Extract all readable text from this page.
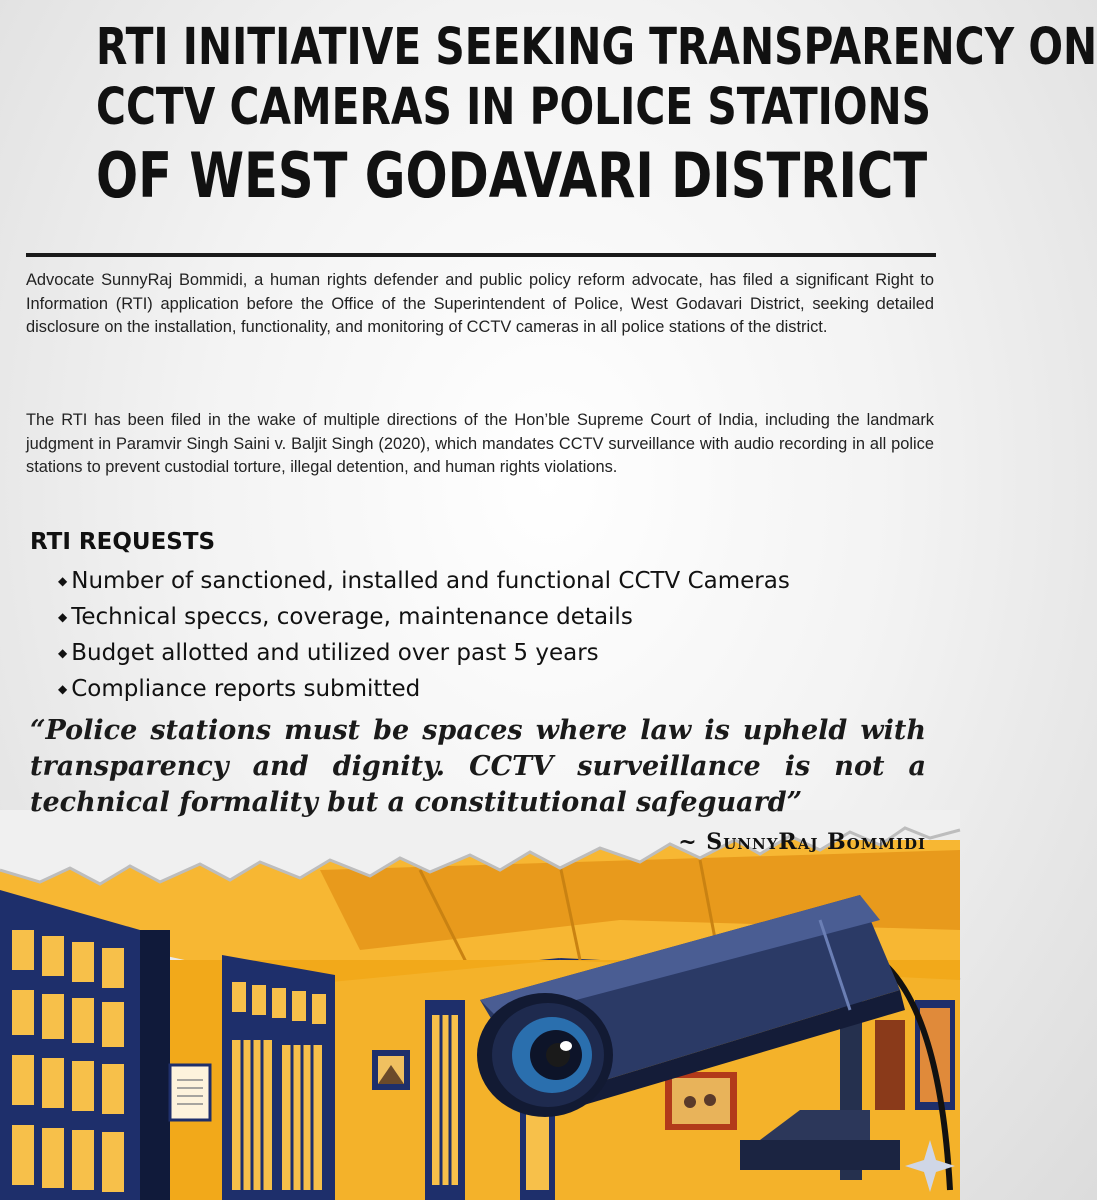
RTI INITIATIVE SEEKING TRANSPARENCY ON
CCTV CAMERAS IN POLICE STATIONS
OF WEST GODAVARI DISTRICT

Advocate SunnyRaj Bommidi, a human rights defender and public policy reform advocate, has filed a significant Right to Information (RTI) application before the Office of the Superintendent of Police, West Godavari District, seeking detailed disclosure on the installation, functionality, and monitoring of CCTV cameras in all police stations of the district.

The RTI has been filed in the wake of multiple directions of the Hon’ble Supreme Court of India, including the landmark judgment in Paramvir Singh Saini v. Baljit Singh (2020), which mandates CCTV surveillance with audio recording in all police stations to prevent custodial torture, illegal detention, and human rights violations.

RTI REQUESTS
◆ Number of sanctioned, installed and functional CCTV Cameras
◆ Technical speccs, coverage, maintenance details
◆ Budget allotted and utilized over past 5 years
◆ Compliance reports submitted

“Police stations must be spaces where law is upheld with transparency and dignity. CCTV surveillance is not a technical formality but a constitutional safeguard”

~ SunnyRaj Bommidi
